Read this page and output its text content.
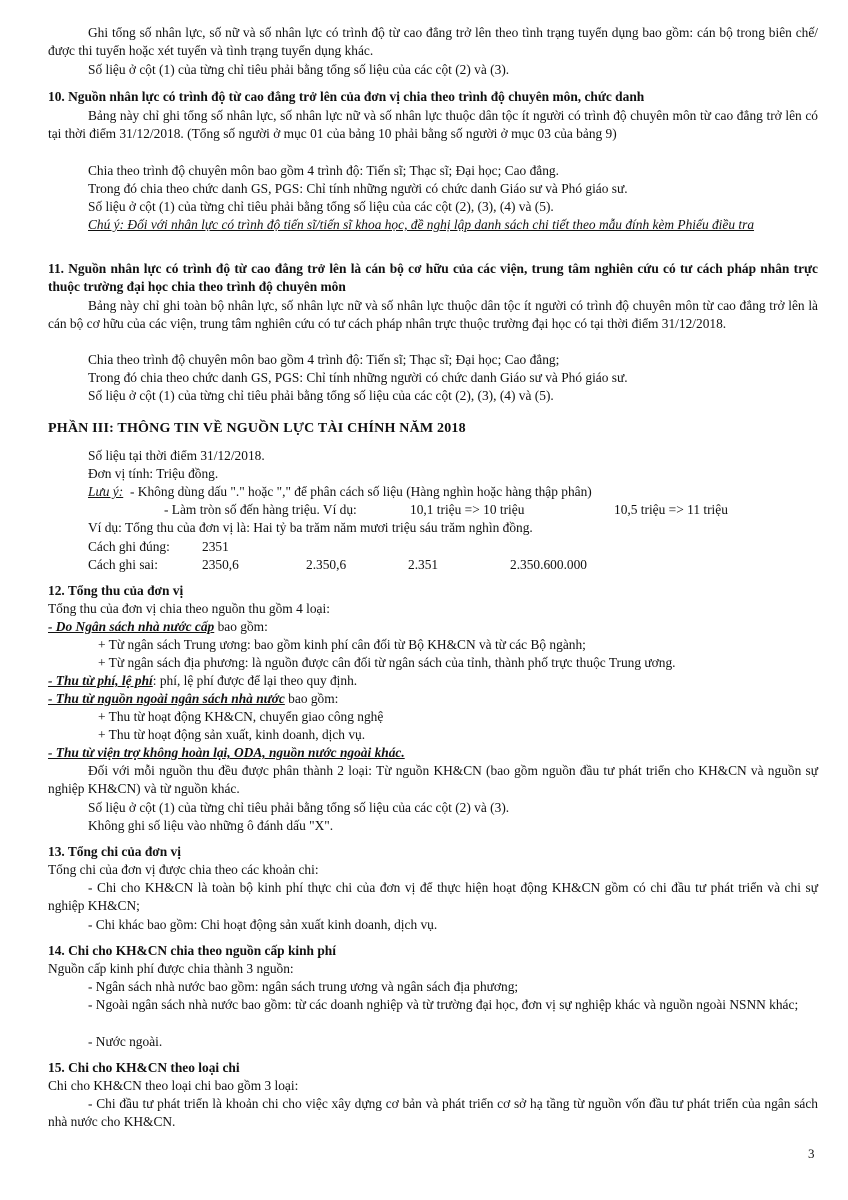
Ghi tổng số nhân lực, số nữ và số nhân lực có trình độ từ cao đẳng trở lên theo tình trạng tuyển dụng bao gồm: cán bộ trong biên chế/được thi tuyển hoặc xét tuyển và tình trạng tuyển dụng khác.

Số liệu ở cột (1) của từng chỉ tiêu phải bằng tổng số liệu của các cột (2) và (3).

10. Nguồn nhân lực có trình độ từ cao đẳng trở lên của đơn vị chia theo trình độ chuyên môn, chức danh

Bảng này chỉ ghi tổng số nhân lực, số nhân lực nữ và số nhân lực thuộc dân tộc ít người có trình độ chuyên môn từ cao đẳng trở lên có tại thời điểm 31/12/2018. (Tổng số người ở mục 01 của bảng 10 phải bằng số người ở mục 03 của bảng 9)

Chia theo trình độ chuyên môn bao gồm 4 trình độ: Tiến sĩ; Thạc sĩ; Đại học; Cao đẳng.

Trong đó chia theo chức danh GS, PGS: Chỉ tính những người có chức danh Giáo sư và Phó giáo sư.

Số liệu ở cột (1) của từng chỉ tiêu phải bằng tổng số liệu của các cột (2), (3), (4) và (5).

Chú ý: Đối với nhân lực có trình độ tiến sĩ/tiến sĩ khoa học, đề nghị lập danh sách chi tiết theo mẫu đính kèm Phiếu điều tra

11. Nguồn nhân lực có trình độ từ cao đẳng trở lên là cán bộ cơ hữu của các viện, trung tâm nghiên cứu có tư cách pháp nhân trực thuộc trường đại học chia theo trình độ chuyên môn

Bảng này chỉ ghi toàn bộ nhân lực, số nhân lực nữ và số nhân lực thuộc dân tộc ít người có trình độ chuyên môn từ cao đẳng trở lên là cán bộ cơ hữu của các viện, trung tâm nghiên cứu có tư cách pháp nhân trực thuộc trường đại học có tại thời điểm 31/12/2018.

Chia theo trình độ chuyên môn bao gồm 4 trình độ: Tiến sĩ; Thạc sĩ; Đại học; Cao đẳng;

Trong đó chia theo chức danh GS, PGS: Chỉ tính những người có chức danh Giáo sư và Phó giáo sư.

Số liệu ở cột (1) của từng chỉ tiêu phải bằng tổng số liệu của các cột (2), (3), (4) và (5).

PHẦN III: THÔNG TIN VỀ NGUỒN LỰC TÀI CHÍNH NĂM 2018

Số liệu tại thời điểm 31/12/2018.

Đơn vị tính: Triệu đồng.

Lưu ý: - Không dùng dấu "." hoặc "," để phân cách số liệu (Hàng nghìn hoặc hàng thập phân)
- Làm tròn số đến hàng triệu. Ví dụ:	10,1 triệu => 10 triệu	10,5 triệu => 11 triệu

Ví dụ: Tổng thu của đơn vị là: Hai tỷ ba trăm năm mươi triệu sáu trăm nghìn đồng.

Cách ghi đúng: 2351
Cách ghi sai:	2350,6	2.350,6	2.351	2.350.600.000

12. Tổng thu của đơn vị

Tổng thu của đơn vị chia theo nguồn thu gồm 4 loại:

- Do Ngân sách nhà nước cấp bao gồm:

+ Từ ngân sách Trung ương: bao gồm kinh phí cân đối từ Bộ KH&CN và từ các Bộ ngành;

+ Từ ngân sách địa phương: là nguồn được cân đối từ ngân sách của tỉnh, thành phố trực thuộc Trung ương.

- Thu từ phí, lệ phí: phí, lệ phí được để lại theo quy định.

- Thu từ nguồn ngoài ngân sách nhà nước bao gồm:

+ Thu từ hoạt động KH&CN, chuyển giao công nghệ

+ Thu từ hoạt động sản xuất, kinh doanh, dịch vụ.

- Thu từ viện trợ không hoàn lại, ODA, nguồn nước ngoài khác.

Đối với mỗi nguồn thu đều được phân thành 2 loại: Từ nguồn KH&CN (bao gồm nguồn đầu tư phát triển cho KH&CN và nguồn sự nghiệp KH&CN) và từ nguồn khác.

Số liệu ở cột (1) của từng chỉ tiêu phải bằng tổng số liệu của các cột (2) và (3).

Không ghi số liệu vào những ô đánh dấu "X".

13. Tổng chi của đơn vị

Tổng chi của đơn vị được chia theo các khoản chi:

- Chi cho KH&CN là toàn bộ kinh phí thực chi của đơn vị để thực hiện hoạt động KH&CN gồm có chi đầu tư phát triển và chi sự nghiệp KH&CN;

- Chi khác bao gồm: Chi hoạt động sản xuất kinh doanh, dịch vụ.

14. Chi cho KH&CN chia theo nguồn cấp kinh phí

Nguồn cấp kinh phí được chia thành 3 nguồn:

- Ngân sách nhà nước bao gồm: ngân sách trung ương và ngân sách địa phương;

- Ngoài ngân sách nhà nước bao gồm: từ các doanh nghiệp và từ trường đại học, đơn vị sự nghiệp khác và nguồn ngoài NSNN khác;

- Nước ngoài.

15. Chi cho KH&CN theo loại chi

Chi cho KH&CN theo loại chi bao gồm 3 loại:

- Chi đầu tư phát triển là khoản chi cho việc xây dựng cơ bản và phát triển cơ sở hạ tầng từ nguồn vốn đầu tư phát triển của ngân sách nhà nước cho KH&CN.

3
